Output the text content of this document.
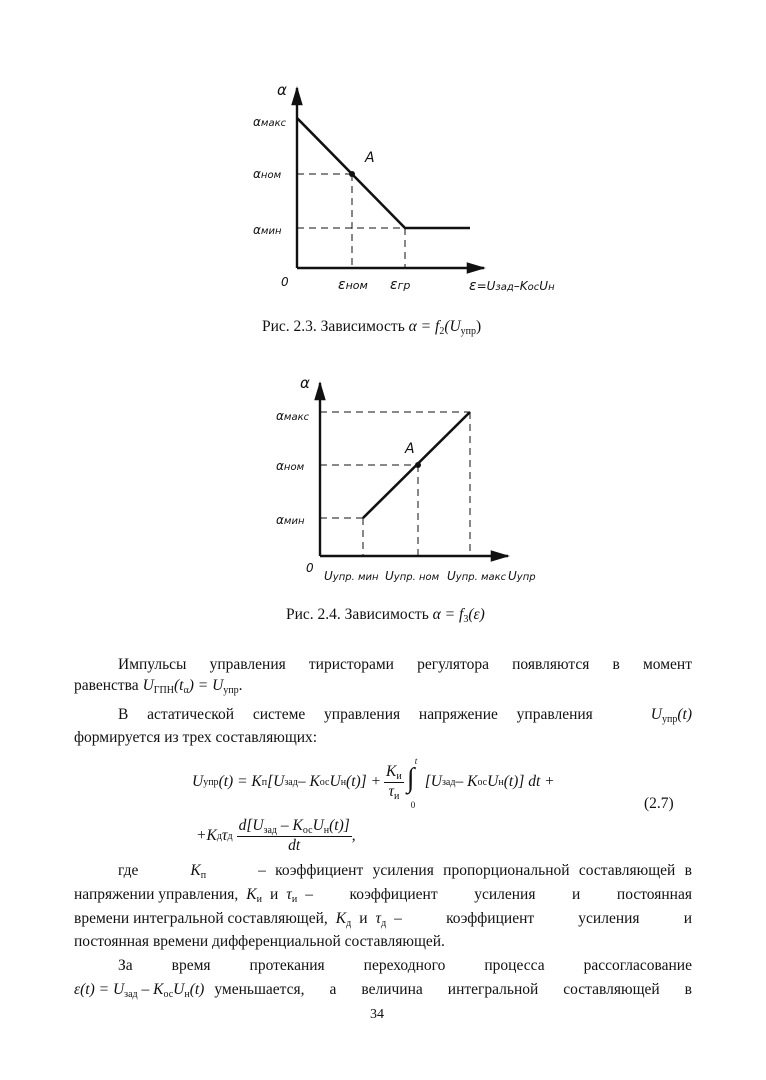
α
αмакс
αном
αмин
A
0	εном εгр	ε=Uзад–KосUн
Рис. 2.3. Зависимость $\alpha = f_2(U_{упр})$
α
αмакс
αном
αмин
A
0
Uупр. мин Uупр. ном Uупр. макс Uупр
Рис. 2.4. Зависимость $\alpha = f_3(\varepsilon)$
Импульсы управления тиристорами регулятора появляются в момент
равенства $U_{ГПН}(t_\alpha) = U_{упр}$.
В астатической системе управления напряжение управления	$U_{упр}(t)$
формируется из трех составляющих:
U упр (t) = K п [U зад – K ос U н $(t)] + \frac{K_и}{\tau_и}$
t
∫
0
[U зад – K ос U н (t)] dt +
(2.7)
+K д τ д $\frac{d[U_{зад} - K_{ос}U_н(t)]}{dt}$ ,
где	$K_п$	– коэффициент усиления пропорциональной составляющей в
напряжении управления, $K_и$ и $\tau_и$ – коэффициент усиления и постоянная
времени интегральной составляющей, $K_д$ и $\tau_д$ – коэффициент усиления и
постоянная времени дифференциальной составляющей.
За время протекания переходного процесса рассогласование
$\varepsilon(t) = U_{зад} - K_{ос}U_н(t)$ уменьшается, а величина интегральной составляющей в
34
